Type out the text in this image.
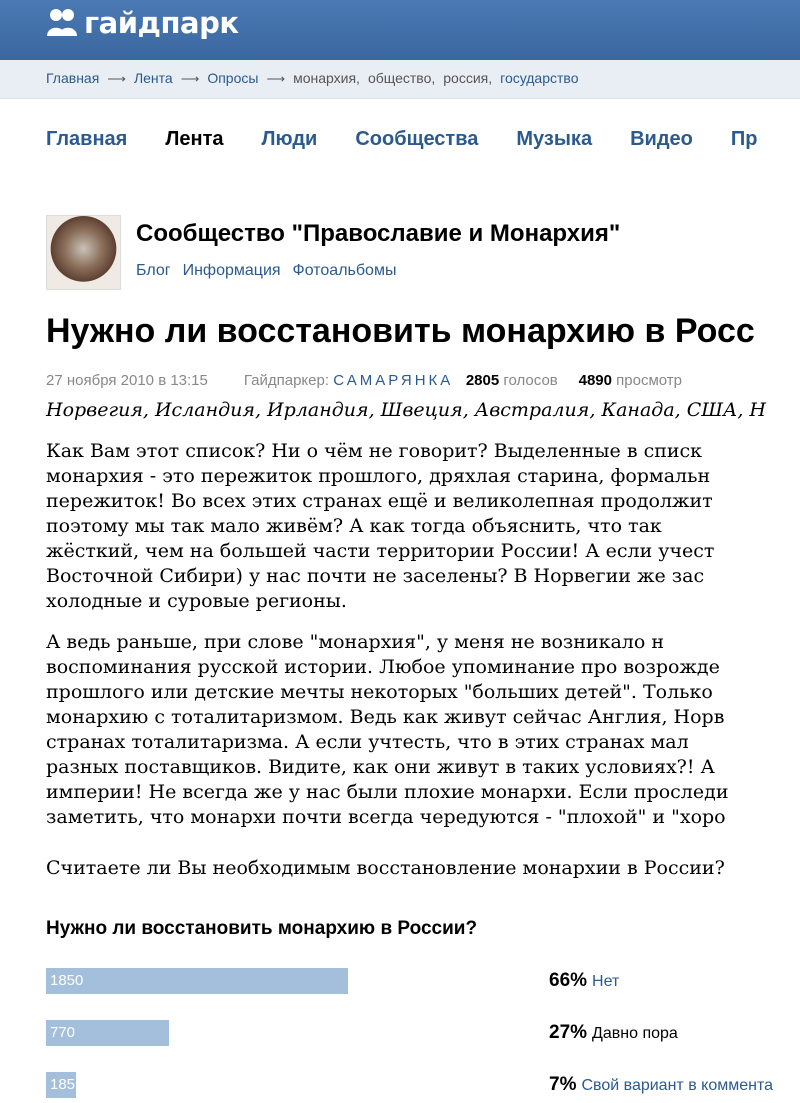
гайдпарк
Главная ⟶ Лента ⟶ Опросы ⟶ монархия, общество, россия, государство
Главная Лента Люди Сообщества Музыка Видео Пр
Сообщество "Православие и Монархия"
Блог Информация Фотоальбомы
Нужно ли восстановить монархию в Росс
27 ноября 2010 в 13:15 Гайдпаркер: САМАРЯНКА 2805 голосов 4890 просмотр
Норвегия, Исландия, Ирландия, Швеция, Австралия, Канада, США, Н
Как Вам этот список? Ни о чём не говорит? Выделенные в списк
монархия - это пережиток прошлого, дряхлая старина, формальн
пережиток! Во всех этих странах ещё и великолепная продолжит
поэтому мы так мало живём? А как тогда объяснить, что так
жёсткий, чем на большей части территории России! А если учест
Восточной Сибири) у нас почти не заселены? В Норвегии же зас
холодные и суровые регионы.
А ведь раньше, при слове "монархия", у меня не возникало н
воспоминания русской истории. Любое упоминание про возрожде
прошлого или детские мечты некоторых "больших детей". Только
монархию с тоталитаризмом. Ведь как живут сейчас Англия, Норв
странах тоталитаризма. А если учтесть, что в этих странах мал
разных поставщиков. Видите, как они живут в таких условиях?! А
империи! Не всегда же у нас были плохие монархи. Если проследи
заметить, что монархи почти всегда чередуются - "плохой" и "хоро
Считаете ли Вы необходимым восстановление монархии в России?
Нужно ли восстановить монархию в России?
1850	66% Нет
770	27% Давно пора
185	7% Свой вариант в коммента
